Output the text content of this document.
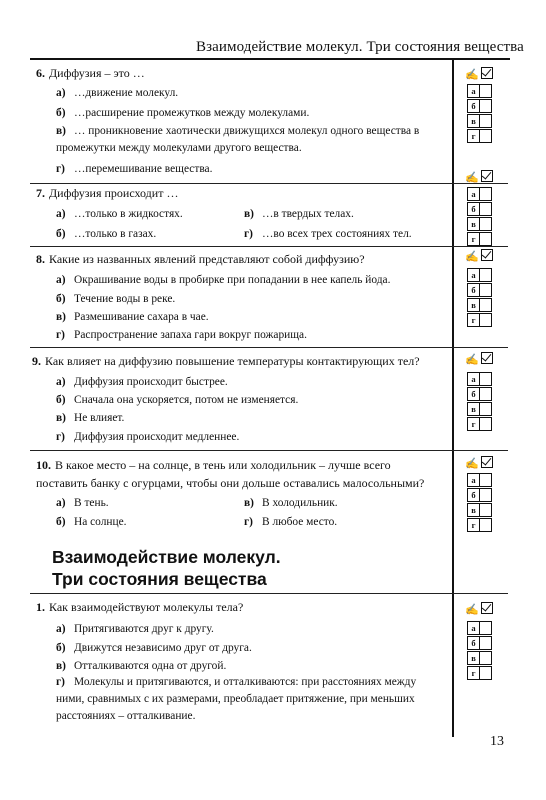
Взаимодействие молекул. Три состояния вещества
6. Диффузия – это …
а) …движение молекул.
б) …расширение промежутков между молекулами.
в) … проникновение хаотически движущихся молекул одного вещества в промежутки между молекулами другого вещества.
г) …перемешивание вещества.
7. Диффузия происходит …
а) …только в жидкостях.
б) …только в газах.
в) …в твердых телах.
г) …во всех трех состояниях тел.
8. Какие из названных явлений представляют собой диффузию?
а) Окрашивание воды в пробирке при попадании в нее капель йода.
б) Течение воды в реке.
в) Размешивание сахара в чае.
г) Распространение запаха гари вокруг пожарища.
9. Как влияет на диффузию повышение температуры контактирующих тел?
а) Диффузия происходит быстрее.
б) Сначала она ускоряется, потом не изменяется.
в) Не влияет.
г) Диффузия происходит медленнее.
10. В какое место – на солнце, в тень или холодильник – лучше всего поставить банку с огурцами, чтобы они дольше оставались малосольными?
а) В тень.
б) На солнце.
в) В холодильник.
г) В любое место.
Взаимодействие молекул.
Три состояния вещества
1. Как взаимодействуют молекулы тела?
а) Притягиваются друг к другу.
б) Движутся независимо друг от друга.
в) Отталкиваются одна от другой.
г) Молекулы и притягиваются, и отталкиваются: при расстояниях между ними, сравнимых с их размерами, преобладает притяжение, при меньших расстояниях – отталкивание.
✍
а
б
в
г
✍
а
б
в
г
✍
а
б
в
г
✍
а
б
в
г
✍
а
б
в
г
✍
а
б
в
г
13
